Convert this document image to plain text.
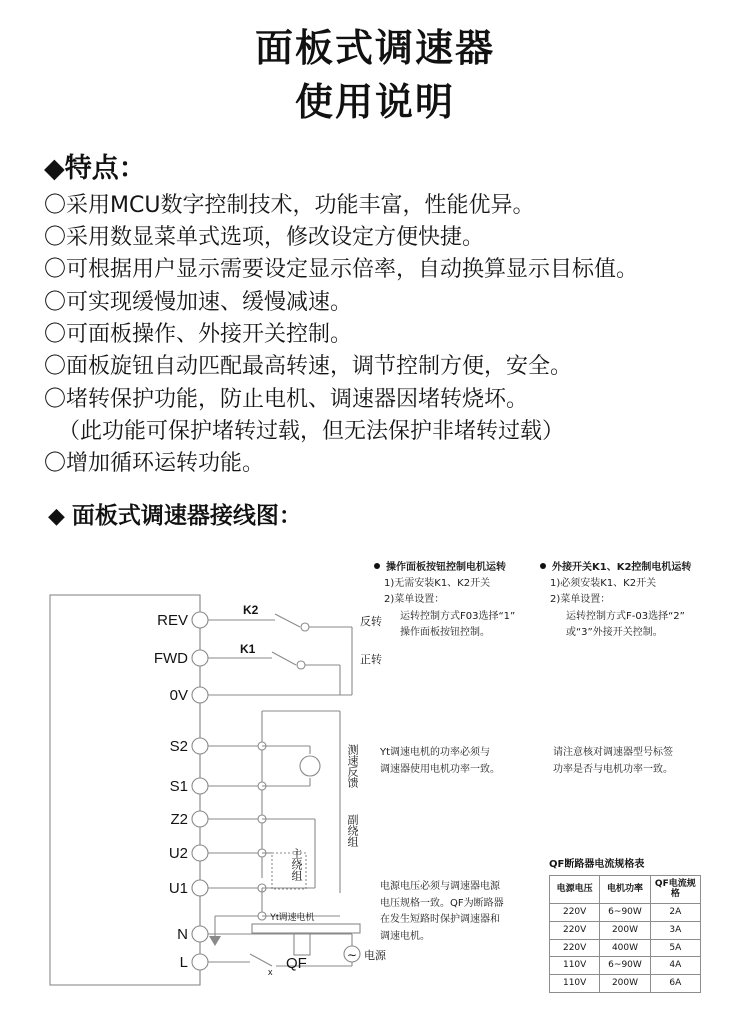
面板式调速器
使用说明
◆特点：
〇采用MCU数字控制技术，功能丰富，性能优异。
〇采用数显菜单式选项，修改设定方便快捷。
〇可根据用户显示需要设定显示倍率，自动换算显示目标值。
〇可实现缓慢加速、缓慢减速。
〇可面板操作、外接开关控制。
〇面板旋钮自动匹配最高转速，调节控制方便，安全。
〇堵转保护功能，防止电机、调速器因堵转烧坏。
（此功能可保护堵转过载，但无法保护非堵转过载）
〇增加循环运转功能。
◆ 面板式调速器接线图：
REV
FWD
0V
S2
S1
Z2
U2
U1
N
L
K2
K1
反转
正转
测速反馈
副绕组
主绕组
Yt调速电机
QF
x
∼ 电源
操作面板按钮控制电机运转
1)无需安装K1、K2开关
2)菜单设置：
运转控制方式F03选择“1”
操作面板按钮控制。
外接开关K1、K2控制电机运转
1)必须安装K1、K2开关
2)菜单设置：
运转控制方式F-03选择“2”
或“3”外接开关控制。
Yt调速电机的功率必须与
调速器使用电机功率一致。
请注意核对调速器型号标签
功率是否与电机功率一致。
电源电压必须与调速器电源
电压规格一致。QF为断路器
在发生短路时保护调速器和
调速电机。
QF断路器电流规格表
电源电压	电机功率	QF电流规格
220V	6~90W	2A
220V	200W	3A
220V	400W	5A
110V	6~90W	4A
110V	200W	6A
